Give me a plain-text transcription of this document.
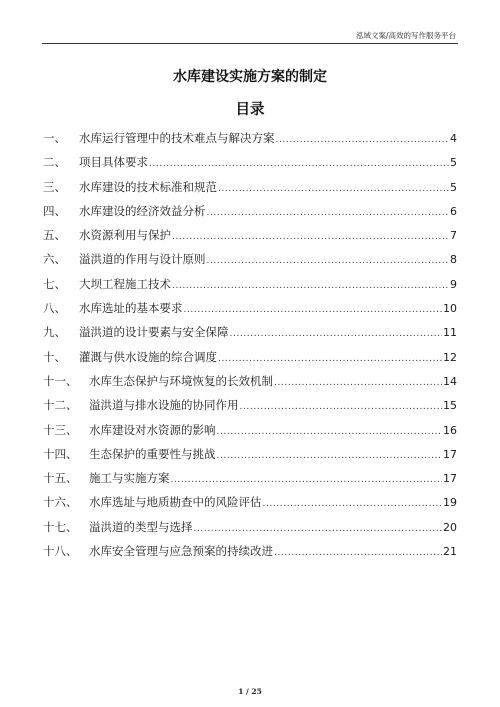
泓域文案/高效的写作服务平台
水库建设实施方案的制定
目录
一、	水库运行管理中的技术难点与解决方案 .....	4
二、	项目具体要求 .....	5
三、	水库建设的技术标准和规范 .....	5
四、	水库建设的经济效益分析 .....	6
五、	水资源利用与保护 .....	7
六、	溢洪道的作用与设计原则 .....	8
七、	大坝工程施工技术 .....	9
八、	水库选址的基本要求 .....	10
九、	溢洪道的设计要素与安全保障 .....	11
十、	灌溉与供水设施的综合调度 .....	12
十一、	水库生态保护与环境恢复的长效机制 .....	14
十二、	溢洪道与排水设施的协同作用 .....	15
十三、	水库建设对水资源的影响 .....	16
十四、	生态保护的重要性与挑战 .....	17
十五、	施工与实施方案 .....	17
十六、	水库选址与地质勘查中的风险评估 .....	19
十七、	溢洪道的类型与选择 .....	20
十八、	水库安全管理与应急预案的持续改进 .....	21
1 / 25
